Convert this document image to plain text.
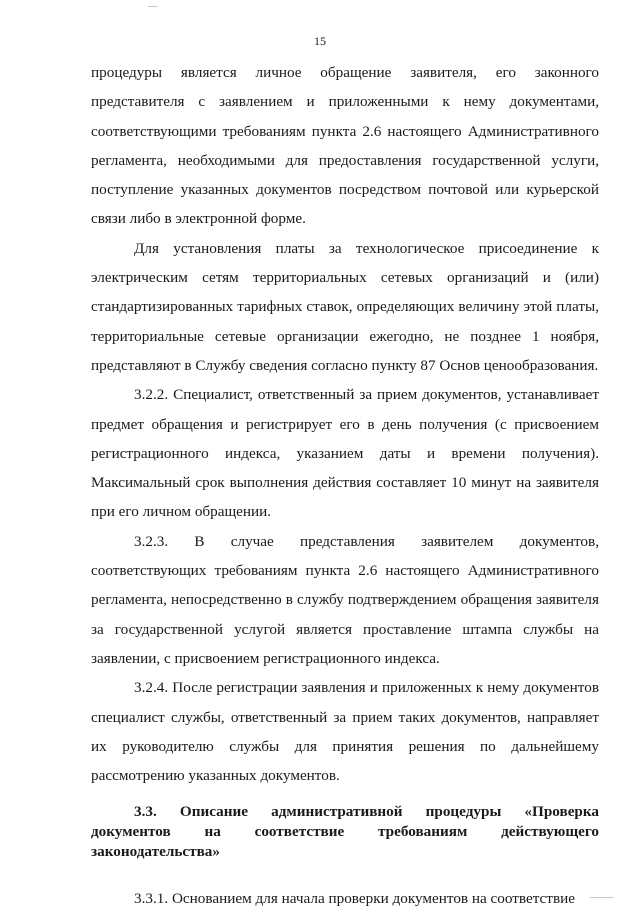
15

процедуры является личное обращение заявителя, его законного представителя с заявлением и приложенными к нему документами, соответствующими требованиям пункта 2.6 настоящего Административного регламента, необходимыми для предоставления государственной услуги, поступление указанных документов посредством почтовой или курьерской связи либо в электронной форме.

Для установления платы за технологическое присоединение к электрическим сетям территориальных сетевых организаций и (или) стандартизированных тарифных ставок, определяющих величину этой платы, территориальные сетевые организации ежегодно, не позднее 1 ноября, представляют в Службу сведения согласно пункту 87 Основ ценообразования.

3.2.2. Специалист, ответственный за прием документов, устанавливает предмет обращения и регистрирует его в день получения (с присвоением регистрационного индекса, указанием даты и времени получения). Максимальный срок выполнения действия составляет 10 минут на заявителя при его личном обращении.

3.2.3. В случае представления заявителем документов, соответствующих требованиям пункта 2.6 настоящего Административного регламента, непосредственно в службу подтверждением обращения заявителя за государственной услугой является проставление штампа службы на заявлении, с присвоением регистрационного индекса.

3.2.4. После регистрации заявления и приложенных к нему документов специалист службы, ответственный за прием таких документов, направляет их руководителю службы для принятия решения по дальнейшему рассмотрению указанных документов.

3.3. Описание административной процедуры «Проверка документов на соответствие требованиям действующего законодательства»

3.3.1. Основанием для начала проверки документов на соответствие
